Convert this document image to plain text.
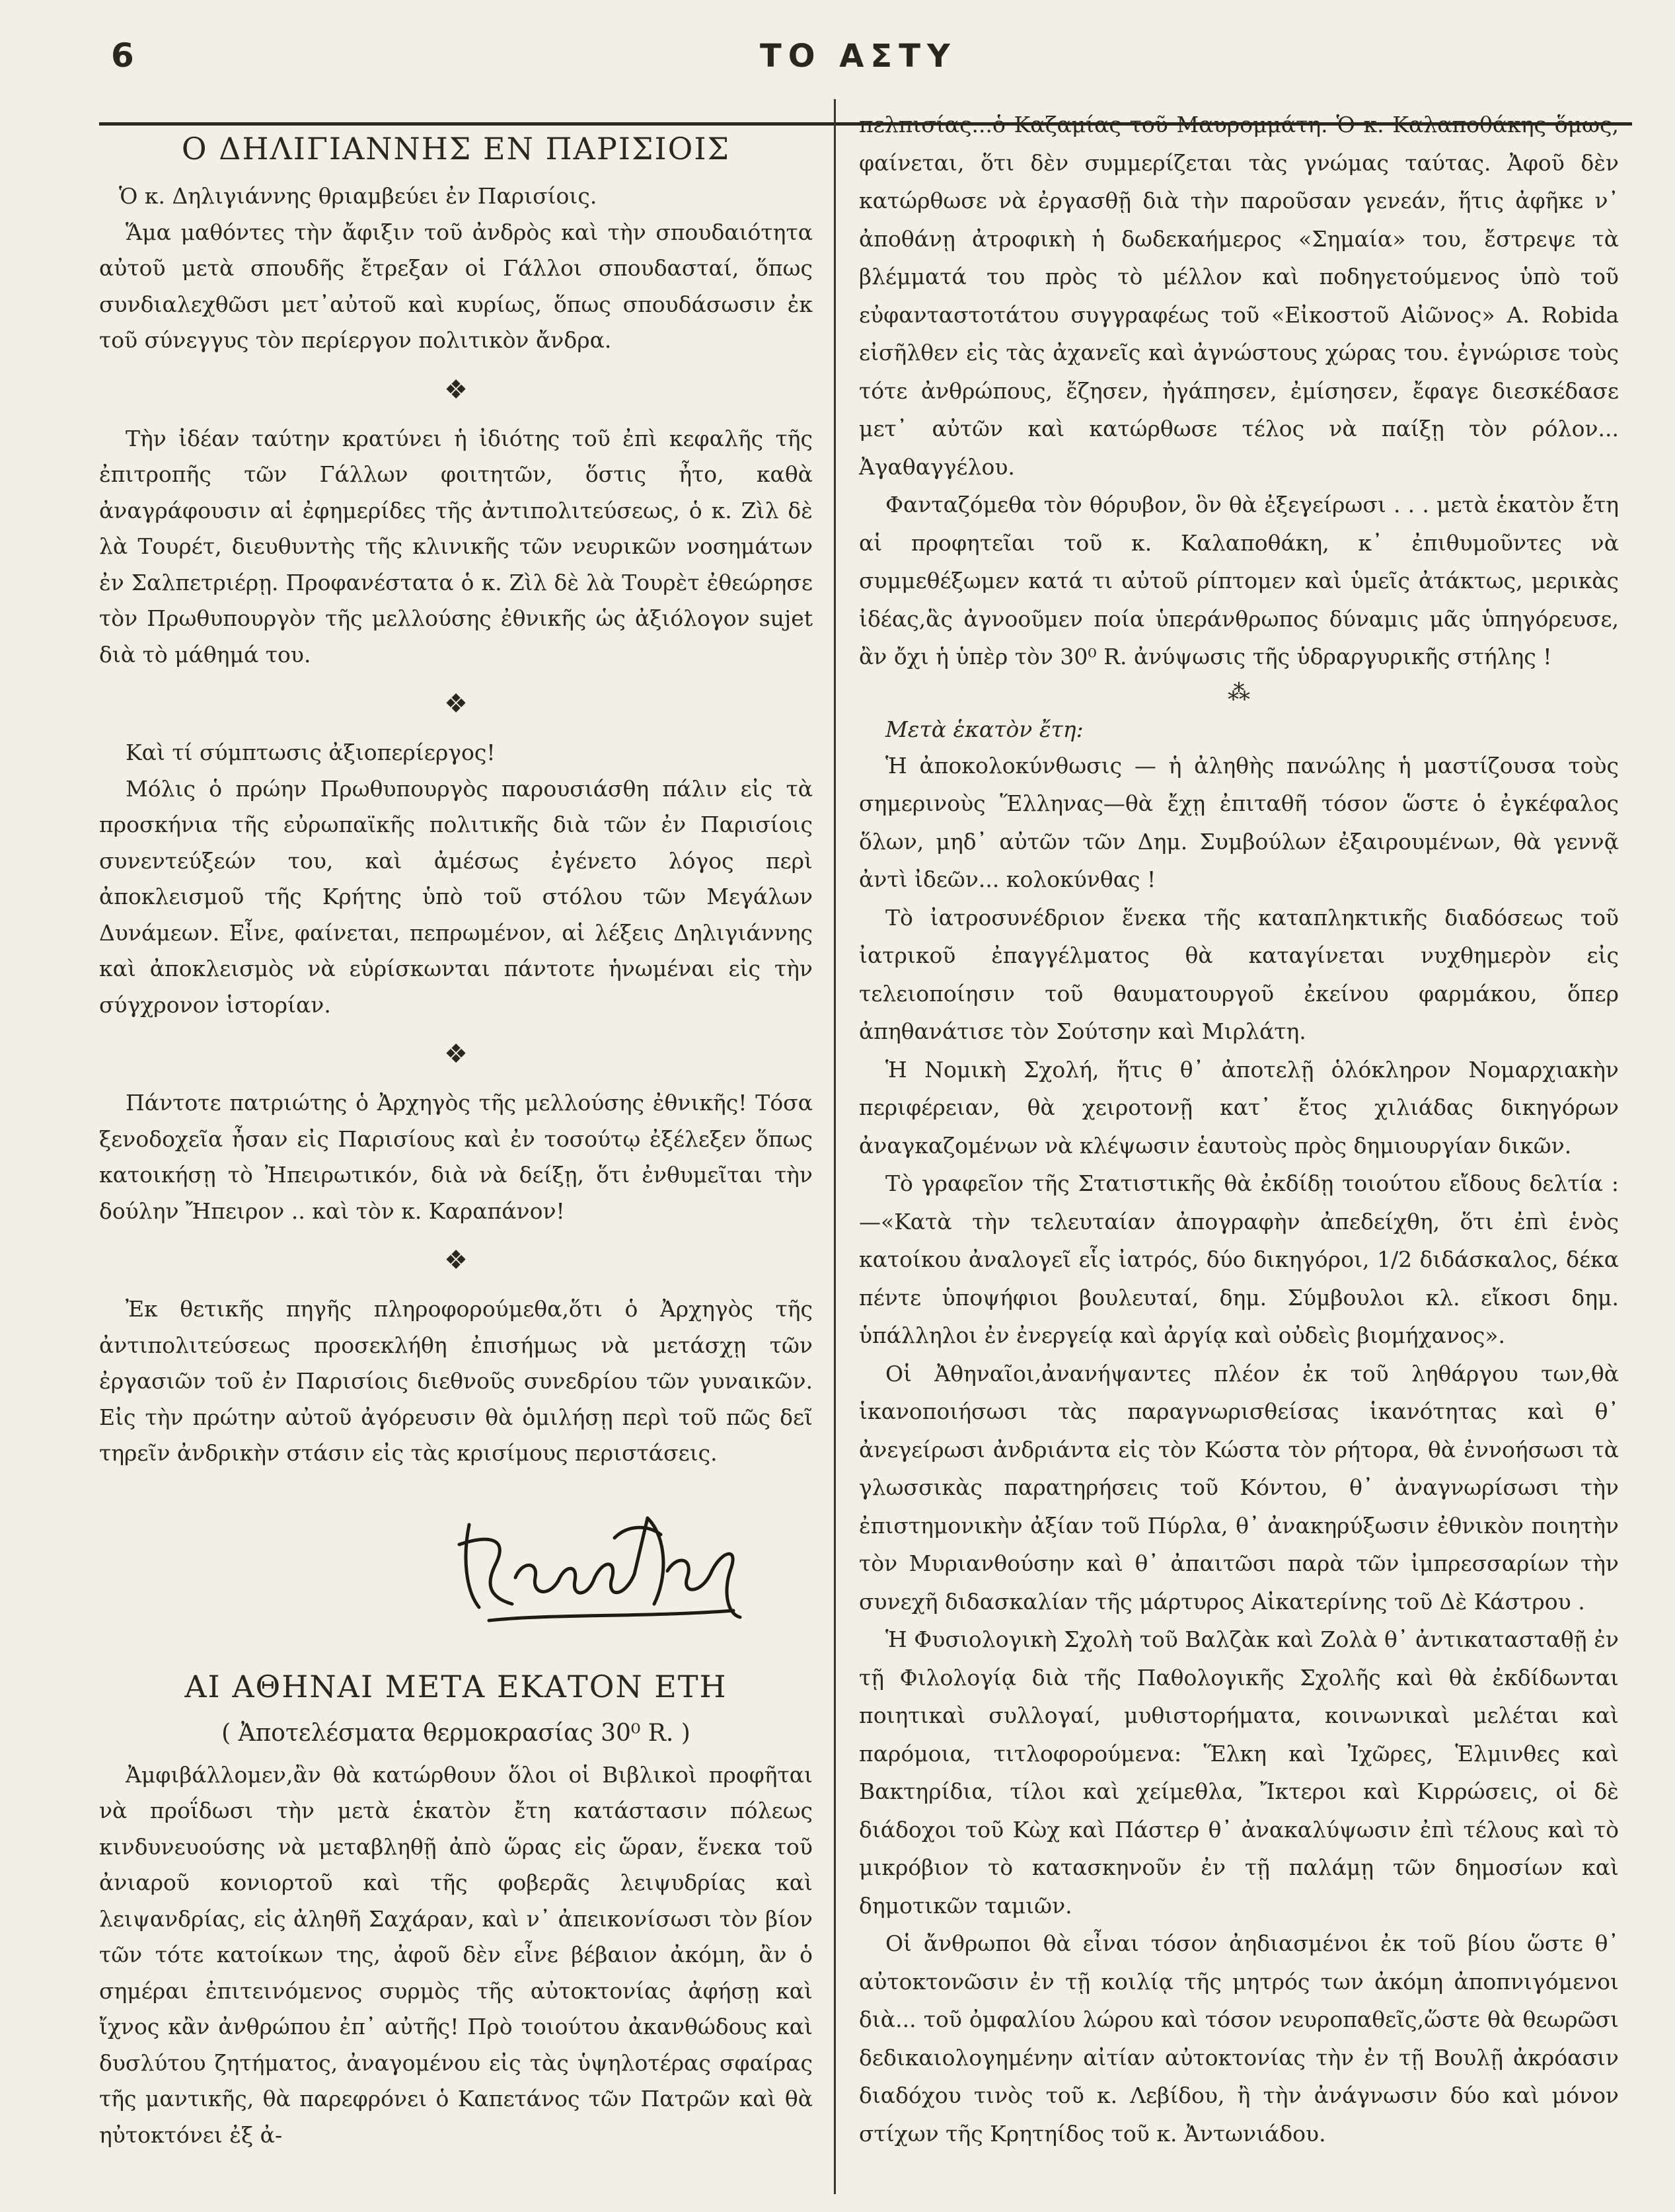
6	ΤΟ ΑΣΤΥ
Ο ΔΗΛΙΓΙΑΝΝΗΣ ΕΝ ΠΑΡΙΣΙΟΙΣ

Ὁ κ. Δηλιγιάννης θριαμβεύει ἐν Παρισίοις.

Ἅμα μαθόντες τὴν ἄφιξιν τοῦ ἀνδρὸς καὶ τὴν σπουδαιότητα αὐτοῦ μετὰ σπουδῆς ἔτρεξαν οἱ Γάλλοι σπουδασταί, ὅπως συνδιαλεχθῶσι μετ᾽αὐτοῦ καὶ κυρίως, ὅπως σπουδάσωσιν ἐκ τοῦ σύνεγγυς τὸν περίεργον πολιτικὸν ἄνδρα.

❖

Τὴν ἰδέαν ταύτην κρατύνει ἡ ἰδιότης τοῦ ἐπὶ κεφαλῆς τῆς ἐπιτροπῆς τῶν Γάλλων φοιτητῶν, ὅστις ἦτο, καθὰ ἀναγράφουσιν αἱ ἐφημερίδες τῆς ἀντιπολιτεύσεως, ὁ κ. Ζὶλ δὲ λὰ Τουρέτ, διευθυντὴς τῆς κλινικῆς τῶν νευρικῶν νοσημάτων ἐν Σαλπετριέρῃ. Προφανέστατα ὁ κ. Ζὶλ δὲ λὰ Τουρὲτ ἐθεώρησε τὸν Πρωθυπουργὸν τῆς μελλούσης ἐθνικῆς ὡς ἀξιόλογον sujet διὰ τὸ μάθημά του.

❖

Καὶ τί σύμπτωσις ἀξιοπερίεργος!

Μόλις ὁ πρώην Πρωθυπουργὸς παρουσιάσθη πάλιν εἰς τὰ προσκήνια τῆς εὐρωπαϊκῆς πολιτικῆς διὰ τῶν ἐν Παρισίοις συνεντεύξεών του, καὶ ἀμέσως ἐγένετο λόγος περὶ ἀποκλεισμοῦ τῆς Κρήτης ὑπὸ τοῦ στόλου τῶν Μεγάλων Δυνάμεων. Εἶνε, φαίνεται, πεπρωμένον, αἱ λέξεις Δηλιγιάννης καὶ ἀποκλεισμὸς νὰ εὑρίσκωνται πάντοτε ἡνωμέναι εἰς τὴν σύγχρονον ἱστορίαν.

❖

Πάντοτε πατριώτης ὁ Ἀρχηγὸς τῆς μελλούσης ἐθνικῆς! Τόσα ξενοδοχεῖα ἦσαν εἰς Παρισίους καὶ ἐν τοσούτῳ ἐξέλεξεν ὅπως κατοικήσῃ τὸ Ἠπειρωτικόν, διὰ νὰ δείξῃ, ὅτι ἐνθυμεῖται τὴν δούλην Ἤπειρον .. καὶ τὸν κ. Καραπάνον!

❖

Ἐκ θετικῆς πηγῆς πληροφορούμεθα,ὅτι ὁ Ἀρχηγὸς τῆς ἀντιπολιτεύσεως προσεκλήθη ἐπισήμως νὰ μετάσχῃ τῶν ἐργασιῶν τοῦ ἐν Παρισίοις διεθνοῦς συνεδρίου τῶν γυναικῶν. Εἰς τὴν πρώτην αὐτοῦ ἀγόρευσιν θὰ ὁμιλήσῃ περὶ τοῦ πῶς δεῖ τηρεῖν ἀνδρικὴν στάσιν εἰς τὰς κρισίμους περιστάσεις.

ΑΙ ΑΘΗΝΑΙ ΜΕΤΑ ΕΚΑΤΟΝ ΕΤΗ
( Ἀποτελέσματα θερμοκρασίας 30⁰ R. )

Ἀμφιβάλλομεν,ἂν θὰ κατώρθουν ὅλοι οἱ Βιβλικοὶ προφῆται νὰ προΐδωσι τὴν μετὰ ἑκατὸν ἔτη κατάστασιν πόλεως κινδυνευούσης νὰ μεταβληθῇ ἀπὸ ὥρας εἰς ὥραν, ἕνεκα τοῦ ἀνιαροῦ κονιορτοῦ καὶ τῆς φοβερᾶς λειψυδρίας καὶ λειψανδρίας, εἰς ἀληθῆ Σαχάραν, καὶ ν᾽ ἀπεικονίσωσι τὸν βίον τῶν τότε κατοίκων της, ἀφοῦ δὲν εἶνε βέβαιον ἀκόμη, ἂν ὁ σημέραι ἐπιτεινόμενος συρμὸς τῆς αὐτοκτονίας ἀφήσῃ καὶ ἴχνος κἂν ἀνθρώπου ἐπ᾽ αὐτῆς! Πρὸ τοιούτου ἀκανθώδους καὶ δυσλύτου ζητήματος, ἀναγομένου εἰς τὰς ὑψηλοτέρας σφαίρας τῆς μαντικῆς, θὰ παρεφρόνει ὁ Καπετάνος τῶν Πατρῶν καὶ θὰ ηὐτοκτόνει ἐξ ἀ-

πελπισίας...ὁ Καζαμίας τοῦ Μαυρομμάτη. Ὁ κ. Καλαποθάκης ὅμως, φαίνεται, ὅτι δὲν συμμερίζεται τὰς γνώμας ταύτας. Ἀφοῦ δὲν κατώρθωσε νὰ ἐργασθῇ διὰ τὴν παροῦσαν γενεάν, ἥτις ἀφῆκε ν᾽ ἀποθάνῃ ἀτροφικὴ ἡ δωδεκαήμερος «Σημαία» του, ἔστρεψε τὰ βλέμματά του πρὸς τὸ μέλλον καὶ ποδηγετούμενος ὑπὸ τοῦ εὐφανταστοτάτου συγγραφέως τοῦ «Εἰκοστοῦ Αἰῶνος» A. Robida εἰσῆλθεν εἰς τὰς ἀχανεῖς καὶ ἀγνώστους χώρας του. ἐγνώρισε τοὺς τότε ἀνθρώπους, ἔζησεν, ἠγάπησεν, ἐμίσησεν, ἔφαγε διεσκέδασε μετ᾽ αὐτῶν καὶ κατώρθωσε τέλος νὰ παίξῃ τὸν ρόλον... Ἀγαθαγγέλου.

Φανταζόμεθα τὸν θόρυβον, ὃν θὰ ἐξεγείρωσι . . . μετὰ ἑκατὸν ἔτη αἱ προφητεῖαι τοῦ κ. Καλαποθάκη, κ᾽ ἐπιθυμοῦντες νὰ συμμεθέξωμεν κατά τι αὐτοῦ ρίπτομεν καὶ ὑμεῖς ἀτάκτως, μερικὰς ἰδέας,ἃς ἀγνοοῦμεν ποία ὑπεράνθρωπος δύναμις μᾶς ὑπηγόρευσε, ἂν ὄχι ἡ ὑπὲρ τὸν 30⁰ R. ἀνύψωσις τῆς ὑδραργυρικῆς στήλης !

⁂
Μετὰ ἑκατὸν ἔτη:

Ἡ ἀποκολοκύνθωσις — ἡ ἀληθὴς πανώλης ἡ μαστίζουσα τοὺς σημερινοὺς Ἕλληνας—θὰ ἔχῃ ἐπιταθῆ τόσον ὥστε ὁ ἐγκέφαλος ὅλων, μηδ᾽ αὐτῶν τῶν Δημ. Συμβούλων ἐξαιρουμένων, θὰ γεννᾷ ἀντὶ ἰδεῶν... κολοκύνθας !

Τὸ ἰατροσυνέδριον ἕνεκα τῆς καταπληκτικῆς διαδόσεως τοῦ ἰατρικοῦ ἐπαγγέλματος θὰ καταγίνεται νυχθημερὸν εἰς τελειοποίησιν τοῦ θαυματουργοῦ ἐκείνου φαρμάκου, ὅπερ ἀπηθανάτισε τὸν Σούτσην καὶ Μιρλάτη.

Ἡ Νομικὴ Σχολή, ἥτις θ᾽ ἀποτελῇ ὁλόκληρον Νομαρχιακὴν περιφέρειαν, θὰ χειροτονῇ κατ᾽ ἔτος χιλιάδας δικηγόρων ἀναγκαζομένων νὰ κλέψωσιν ἑαυτοὺς πρὸς δημιουργίαν δικῶν.

Τὸ γραφεῖον τῆς Στατιστικῆς θὰ ἐκδίδῃ τοιούτου εἴδους δελτία :—«Κατὰ τὴν τελευταίαν ἀπογραφὴν ἀπεδείχθη, ὅτι ἐπὶ ἑνὸς κατοίκου ἀναλογεῖ εἷς ἰατρός, δύο δικηγόροι, 1/2 διδάσκαλος, δέκα πέντε ὑποψήφιοι βουλευταί, δημ. Σύμβουλοι κλ. εἴκοσι δημ. ὑπάλληλοι ἐν ἐνεργείᾳ καὶ ἀργίᾳ καὶ οὐδεὶς βιομήχανος».

Οἱ Ἀθηναῖοι,ἀνανήψαντες πλέον ἐκ τοῦ ληθάργου των,θὰ ἱκανοποιήσωσι τὰς παραγνωρισθείσας ἱκανότητας καὶ θ᾽ ἀνεγείρωσι ἀνδριάντα εἰς τὸν Κώστα τὸν ρήτορα, θὰ ἐννοήσωσι τὰ γλωσσικὰς παρατηρήσεις τοῦ Κόντου, θ᾽ ἀναγνωρίσωσι τὴν ἐπιστημονικὴν ἀξίαν τοῦ Πύρλα, θ᾽ ἀνακηρύξωσιν ἐθνικὸν ποιητὴν τὸν Μυριανθούσην καὶ θ᾽ ἀπαιτῶσι παρὰ τῶν ἰμπρεσσαρίων τὴν συνεχῆ διδασκαλίαν τῆς μάρτυρος Αἰκατερίνης τοῦ Δὲ Κάστρου .

Ἡ Φυσιολογικὴ Σχολὴ τοῦ Βαλζὰκ καὶ Ζολὰ θ᾽ ἀντικατασταθῇ ἐν τῇ Φιλολογίᾳ διὰ τῆς Παθολογικῆς Σχολῆς καὶ θὰ ἐκδίδωνται ποιητικαὶ συλλογαί, μυθιστορήματα, κοινωνικαὶ μελέται καὶ παρόμοια, τιτλοφορούμενα: Ἕλκη καὶ Ἰχῶρες, Ἑλμινθες καὶ Βακτηρίδια, τίλοι καὶ χείμεθλα, Ἴκτεροι καὶ Κιρρώσεις, οἱ δὲ διάδοχοι τοῦ Κὼχ καὶ Πάστερ θ᾽ ἀνακαλύψωσιν ἐπὶ τέλους καὶ τὸ μικρόβιον τὸ κατασκηνοῦν ἐν τῇ παλάμῃ τῶν δημοσίων καὶ δημοτικῶν ταμιῶν.

Οἱ ἄνθρωποι θὰ εἶναι τόσον ἀηδιασμένοι ἐκ τοῦ βίου ὥστε θ᾽ αὐτοκτονῶσιν ἐν τῇ κοιλίᾳ τῆς μητρός των ἀκόμη ἀποπνιγόμενοι διὰ... τοῦ ὀμφαλίου λώρου καὶ τόσον νευροπαθεῖς,ὥστε θὰ θεωρῶσι δεδικαιολογημένην αἰτίαν αὐτοκτονίας τὴν ἐν τῇ Βουλῇ ἀκρόασιν διαδόχου τινὸς τοῦ κ. Λεβίδου, ἢ τὴν ἀνάγνωσιν δύο καὶ μόνον στίχων τῆς Κρητηίδος τοῦ κ. Ἀντωνιάδου.
